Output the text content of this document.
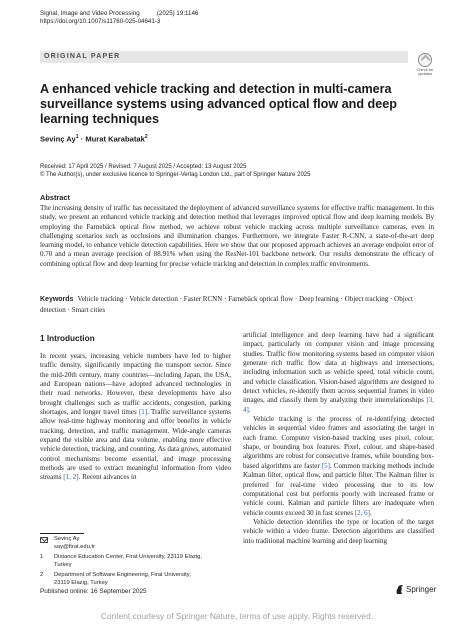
Signal, Image and Video Processing          (2025) 19:1146
https://doi.org/10.1007/s11760-025-04641-3
ORIGINAL PAPER
Check for
updates
A enhanced vehicle tracking and detection in multi-camera surveillance systems using advanced optical flow and deep learning techniques
Sevinç $Ay^1$ · Murat Karabatak$^2$
Received: 17 April 2025 / Revised: 7 August 2025 / Accepted: 13 August 2025
© The Author(s), under exclusive licence to Springer-Verlag London Ltd., part of Springer Nature 2025
Abstract
The increasing density of traffic has necessitated the deployment of advanced surveillance systems for effective traffic management. In this study, we present an enhanced vehicle tracking and detection method that leverages improved optical flow and deep learning models. By employing the Farnebäck optical flow method, we achieve robust vehicle tracking across multiple surveillance cameras, even in challenging scenarios such as occlusions and illumination changes. Furthermore, we integrate Faster R-CNN, a state-of-the-art deep learning model, to enhance vehicle detection capabilities. Here we show that our proposed approach achieves an average endpoint error of 0.70 and a mean average precision of 88.91% when using the ResNet-101 backbone network. Our results demonstrate the efficacy of combining optical flow and deep learning for precise vehicle tracking and detection in complex traffic environments.
Keywords Vehicle tracking · Vehicle detection · Faster RCNN · Farnebäck optical flow · Deep learning · Object tracking · Object detection · Smart cities
1 Introduction

In recent years, increasing vehicle numbers have led to higher traffic density, significantly impacting the transport sector. Since the mid-20th century, many countries—including Japan, the USA, and European nations—have adopted advanced technologies in their road networks. However, these developments have also brought challenges such as traffic accidents, congestion, parking shortages, and longer travel times [1]. Traffic surveillance systems allow real-time highway monitoring and offer benefits in vehicle tracking, detection, and traffic management. Wide-angle cameras expand the visible area and data volume, enabling more effective vehicle detection, tracking, and counting. As data grows, automated control mechanisms become essential, and image processing methods are used to extract meaningful information from video streams [1, 2]. Recent advances in

artificial intelligence and deep learning have had a significant impact, particularly on computer vision and image processing studies. Traffic flow monitoring systems based on computer vision generate rich traffic flow data at highways and intersections, including information such as vehicle speed, total vehicle count, and vehicle classification. Vision-based algorithms are designed to detect vehicles, re-identify them across sequential frames in video images, and classify them by analyzing their interrelationships [3, 4].

Vehicle tracking is the process of re-identifying detected vehicles in sequential video frames and associating the target in each frame. Computer vision-based tracking uses pixel, colour, shape, or bounding box features. Pixel, colour, and shape-based algorithms are robust for consecutive frames, while bounding box-based algorithms are faster [5]. Common tracking methods include Kalman filter, optical flow, and particle filter. The Kalman filter is preferred for real-time video processing due to its low computational cost but performs poorly with increased frame or vehicle count. Kalman and particle filters are inadequate when vehicle counts exceed 30 in fast scenes [2, 6].

Vehicle detection identifies the type or location of the target vehicle within a video frame. Detection algorithms are classified into traditional machine learning and deep learning

Sevinç Ay
say@firat.edu.tr
1	Distance Education Center, Firat University, 23119 Elazig,
Turkey
2	Department of Software Engineering, Firat University,
23119 Elazig, Turkey
Published online: 16 September 2025	Springer
Content courtesy of Springer Nature, terms of use apply. Rights reserved.
